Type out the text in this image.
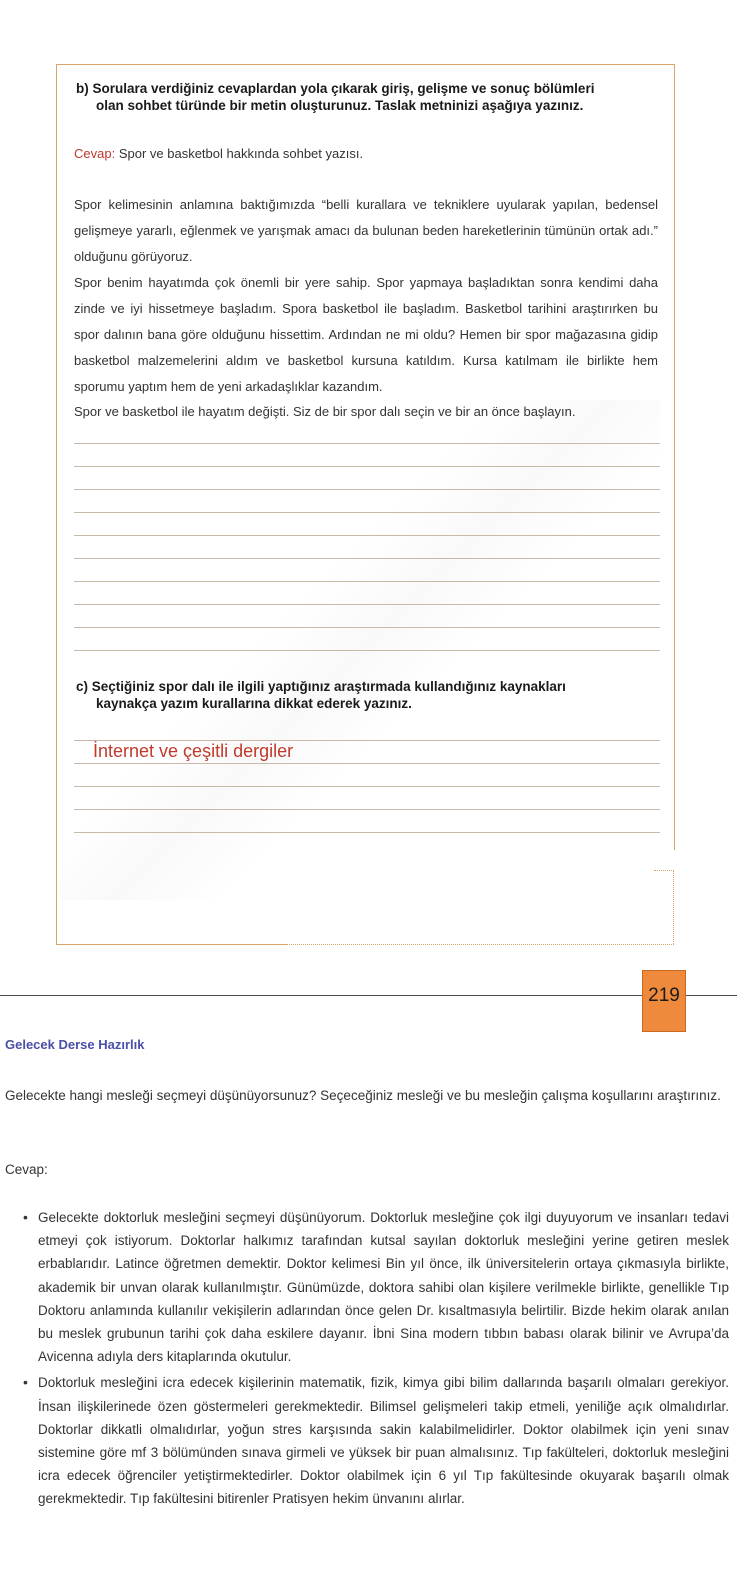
b) Sorulara verdiğiniz cevaplardan yola çıkarak giriş, gelişme ve sonuç bölümleri
olan sohbet türünde bir metin oluşturunuz. Taslak metninizi aşağıya yazınız.

Cevap: Spor ve basketbol hakkında sohbet yazısı.

Spor kelimesinin anlamına baktığımızda “belli kurallara ve tekniklere uyularak yapılan, bedensel gelişmeye yararlı, eğlenmek ve yarışmak amacı da bulunan beden hareketlerinin tümünün ortak adı.” olduğunu görüyoruz.

Spor benim hayatımda çok önemli bir yere sahip. Spor yapmaya başladıktan sonra kendimi daha zinde ve iyi hissetmeye başladım. Spora basketbol ile başladım. Basketbol tarihini araştırırken bu spor dalının bana göre olduğunu hissettim. Ardından ne mi oldu? Hemen bir spor mağazasına gidip basketbol malzemelerini aldım ve basketbol kursuna katıldım. Kursa katılmam ile birlikte hem sporumu yaptım hem de yeni arkadaşlıklar kazandım.

Spor ve basketbol ile hayatım değişti. Siz de bir spor dalı seçin ve bir an önce başlayın.

c) Seçtiğiniz spor dalı ile ilgili yaptığınız araştırmada kullandığınız kaynakları
kaynakça yazım kurallarına dikkat ederek yazınız.
İnternet ve çeşitli dergiler
219
Gelecek Derse Hazırlık

Gelecekte hangi mesleği seçmeyi düşünüyorsunuz? Seçeceğiniz mesleği ve bu mesleğin çalışma koşullarını araştırınız.

Cevap:
• Gelecekte doktorluk mesleğini seçmeyi düşünüyorum. Doktorluk mesleğine çok ilgi duyuyorum ve insanları tedavi etmeyi çok istiyorum. Doktorlar halkımız tarafından kutsal sayılan doktorluk mesleğini yerine getiren meslek erbablarıdır. Latince öğretmen demektir. Doktor kelimesi Bin yıl önce, ilk üniversitelerin ortaya çıkmasıyla birlikte, akademik bir unvan olarak kullanılmıştır. Günümüzde, doktora sahibi olan kişilere verilmekle birlikte, genellikle Tıp Doktoru anlamında kullanılır vekişilerin adlarından önce gelen Dr. kısaltmasıyla belirtilir. Bizde hekim olarak anılan bu meslek grubunun tarihi çok daha eskilere dayanır. İbni Sina modern tıbbın babası olarak bilinir ve Avrupa’da Avicenna adıyla ders kitaplarında okutulur.
• Doktorluk mesleğini icra edecek kişilerinin matematik, fizik, kimya gibi bilim dallarında başarılı olmaları gerekiyor. İnsan ilişkilerinede özen göstermeleri gerekmektedir. Bilimsel gelişmeleri takip etmeli, yeniliğe açık olmalıdırlar. Doktorlar dikkatli olmalıdırlar, yoğun stres karşısında sakin kalabilmelidirler. Doktor olabilmek için yeni sınav sistemine göre mf 3 bölümünden sınava girmeli ve yüksek bir puan almalısınız. Tıp fakülteleri, doktorluk mesleğini icra edecek öğrenciler yetiştirmektedirler. Doktor olabilmek için 6 yıl Tıp fakültesinde okuyarak başarılı olmak gerekmektedir. Tıp fakültesini bitirenler Pratisyen hekim ünvanını alırlar.
